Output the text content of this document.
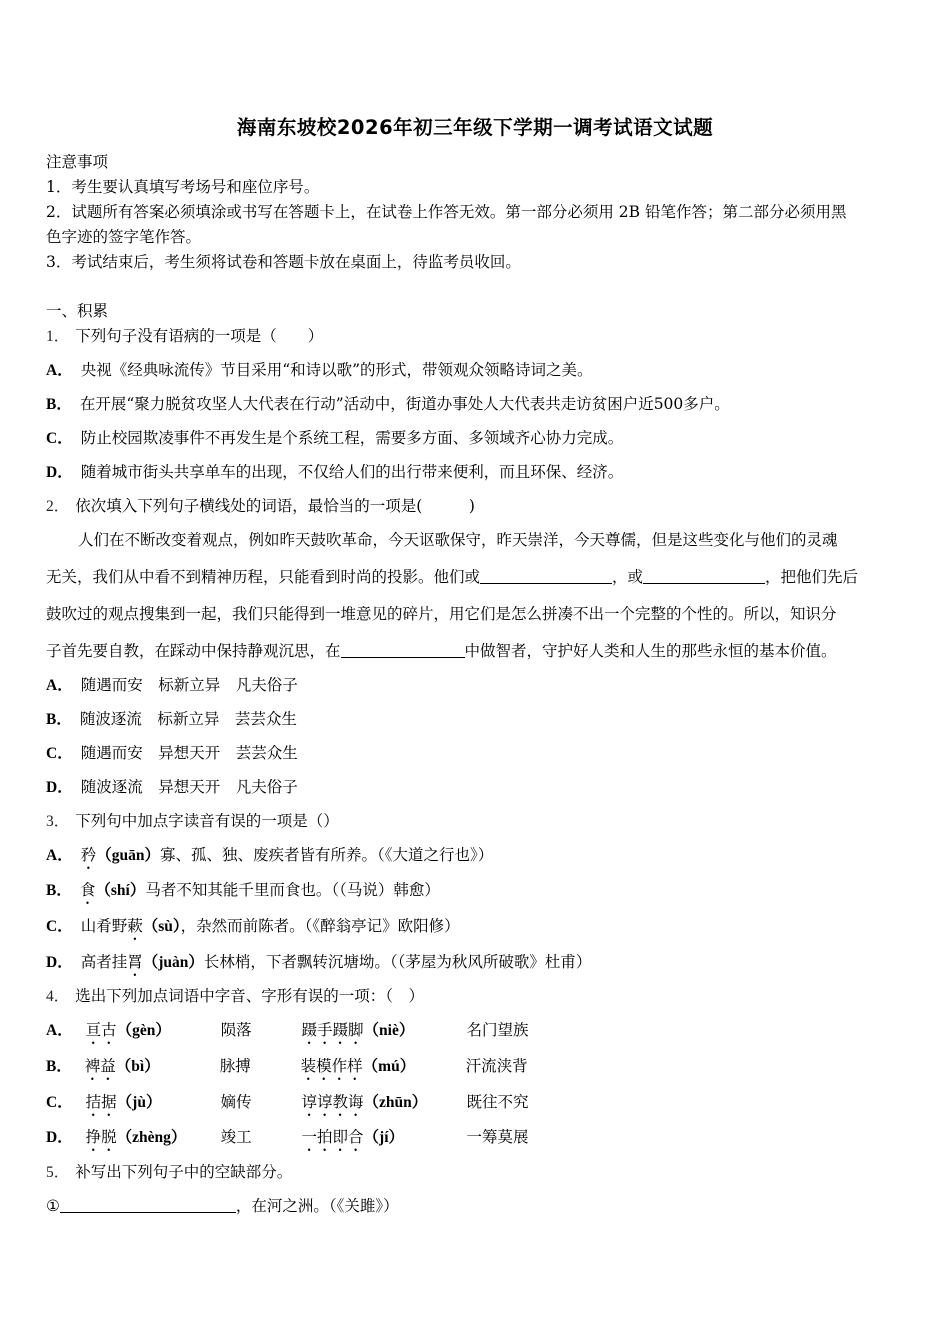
海南东坡校2026年初三年级下学期一调考试语文试题
注意事项
1．考生要认真填写考场号和座位序号。
2．试题所有答案必须填涂或书写在答题卡上，在试卷上作答无效。第一部分必须用 2B 铅笔作答；第二部分必须用黑
色字迹的签字笔作答。
3．考试结束后，考生须将试卷和答题卡放在桌面上，待监考员收回。
一、积累
1． 下列句子没有语病的一项是（　　）
A． 央视《经典咏流传》节目采用“和诗以歌”的形式，带领观众领略诗词之美。
B． 在开展“聚力脱贫攻坚人大代表在行动”活动中，街道办事处人大代表共走访贫困户近500多户。
C． 防止校园欺凌事件不再发生是个系统工程，需要多方面、多领域齐心协力完成。
D． 随着城市街头共享单车的出现，不仅给人们的出行带来便利，而且环保、经济。
2． 依次填入下列句子横线处的词语，最恰当的一项是(　　　)
人们在不断改变着观点，例如昨天鼓吹革命，今天讴歌保守，昨天崇洋，今天尊儒，但是这些变化与他们的灵魂
无关，我们从中看不到精神历程，只能看到时尚的投影。他们或	，或	，把他们先后
鼓吹过的观点搜集到一起，我们只能得到一堆意见的碎片，用它们是怎么拼凑不出一个完整的个性的。所以，知识分
子首先要自教，在踩动中保持静观沉思，在	中做智者，守护好人类和人生的那些永恒的基本价值。
A． 随遇而安　标新立异　凡夫俗子
B． 随波逐流　标新立异　芸芸众生
C． 随遇而安　异想天开　芸芸众生
D． 随波逐流　异想天开　凡夫俗子
3． 下列句中加点字读音有误的一项是（）
A． 矜（guān）寡、孤、独、废疾者皆有所养。（《大道之行也》）
B． 食（shí）马者不知其能千里而食也。（（马说）韩愈）
C． 山肴野蔌（sù），杂然而前陈者。（《醉翁亭记》欧阳修）
D． 高者挂罥（juàn）长林梢，下者飘转沉塘坳。（（茅屋为秋风所破歌》杜甫）
4． 选出下列加点词语中字音、字形有误的一项：（　）
A． 亘古（gèn）	陨落	蹑手蹑脚（niè）	名门望族
B． 裨益（bì）	脉搏	装模作样（mú）	汗流浃背
C． 拮据（jù）	嫡传	谆谆教诲（zhūn）	既往不究
D． 挣脱（zhèng） 竣工	一拍即合（jí）	一筹莫展
5． 补写出下列句子中的空缺部分。
①	，在河之洲。（《关雎》）
